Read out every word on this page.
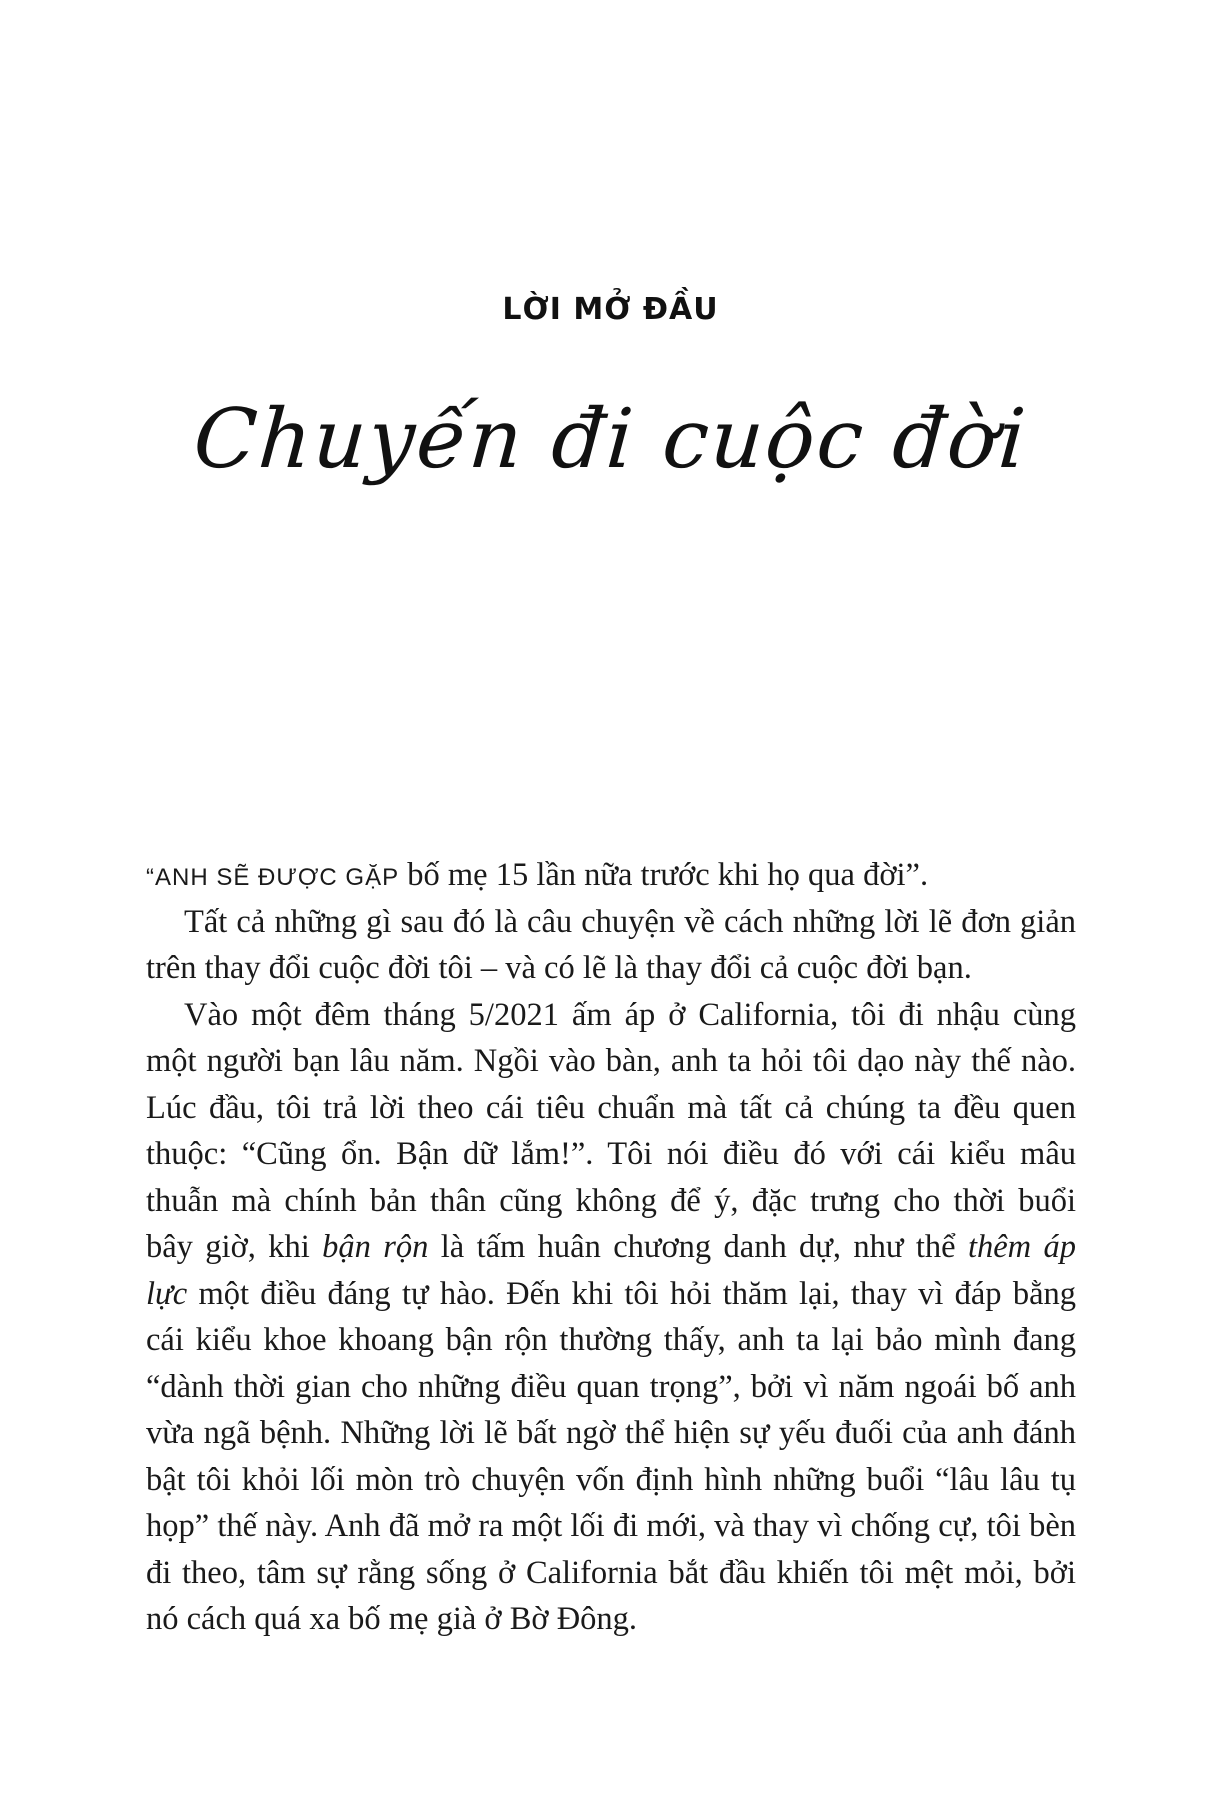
LỜI MỞ ĐẦU
Chuyến đi cuộc đời
“ANH SẼ ĐƯỢC GẶP bố mẹ 15 lần nữa trước khi họ qua đời”.
Tất cả những gì sau đó là câu chuyện về cách những lời lẽ đơn giản
trên thay đổi cuộc đời tôi – và có lẽ là thay đổi cả cuộc đời bạn.
Vào một đêm tháng 5/2021 ấm áp ở California, tôi đi nhậu cùng
một người bạn lâu năm. Ngồi vào bàn, anh ta hỏi tôi dạo này thế nào.
Lúc đầu, tôi trả lời theo cái tiêu chuẩn mà tất cả chúng ta đều quen
thuộc: “Cũng ổn. Bận dữ lắm!”. Tôi nói điều đó với cái kiểu mâu
thuẫn mà chính bản thân cũng không để ý, đặc trưng cho thời buổi
bây giờ, khi bận rộn là tấm huân chương danh dự, như thể thêm áp
lực một điều đáng tự hào. Đến khi tôi hỏi thăm lại, thay vì đáp bằng
cái kiểu khoe khoang bận rộn thường thấy, anh ta lại bảo mình đang
“dành thời gian cho những điều quan trọng”, bởi vì năm ngoái bố anh
vừa ngã bệnh. Những lời lẽ bất ngờ thể hiện sự yếu đuối của anh đánh
bật tôi khỏi lối mòn trò chuyện vốn định hình những buổi “lâu lâu tụ
họp” thế này. Anh đã mở ra một lối đi mới, và thay vì chống cự, tôi bèn
đi theo, tâm sự rằng sống ở California bắt đầu khiến tôi mệt mỏi, bởi
nó cách quá xa bố mẹ già ở Bờ Đông.
